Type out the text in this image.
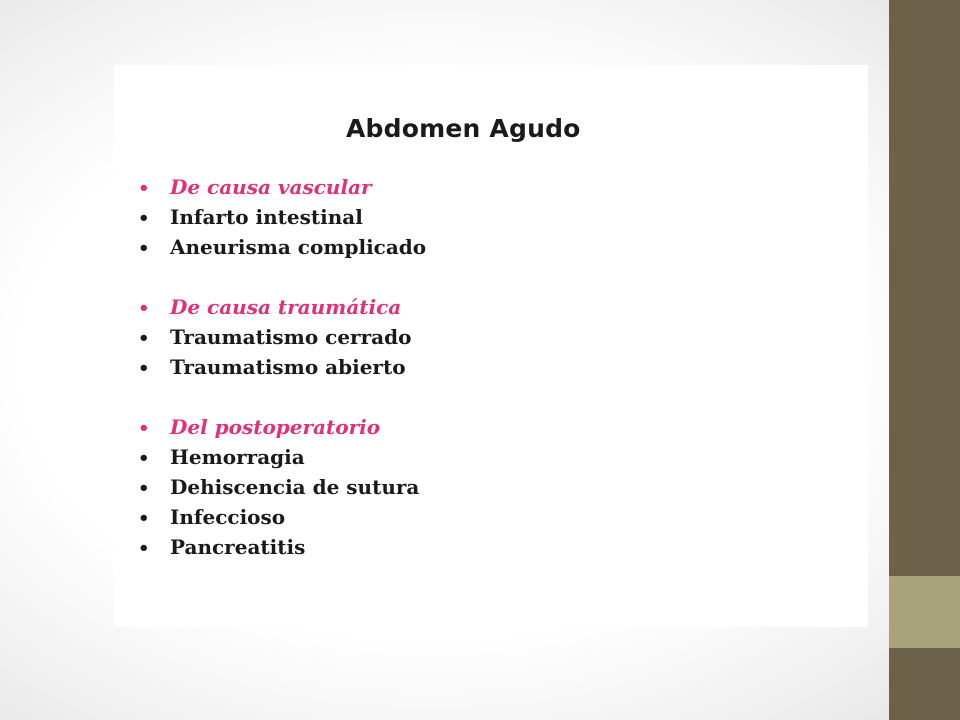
Abdomen Agudo
•	De causa vascular
•	Infarto intestinal
•	Aneurisma complicado
•	De causa traumática
•	Traumatismo cerrado
•	Traumatismo abierto
•	Del postoperatorio
•	Hemorragia
•	Dehiscencia de sutura
•	Infeccioso
•	Pancreatitis
